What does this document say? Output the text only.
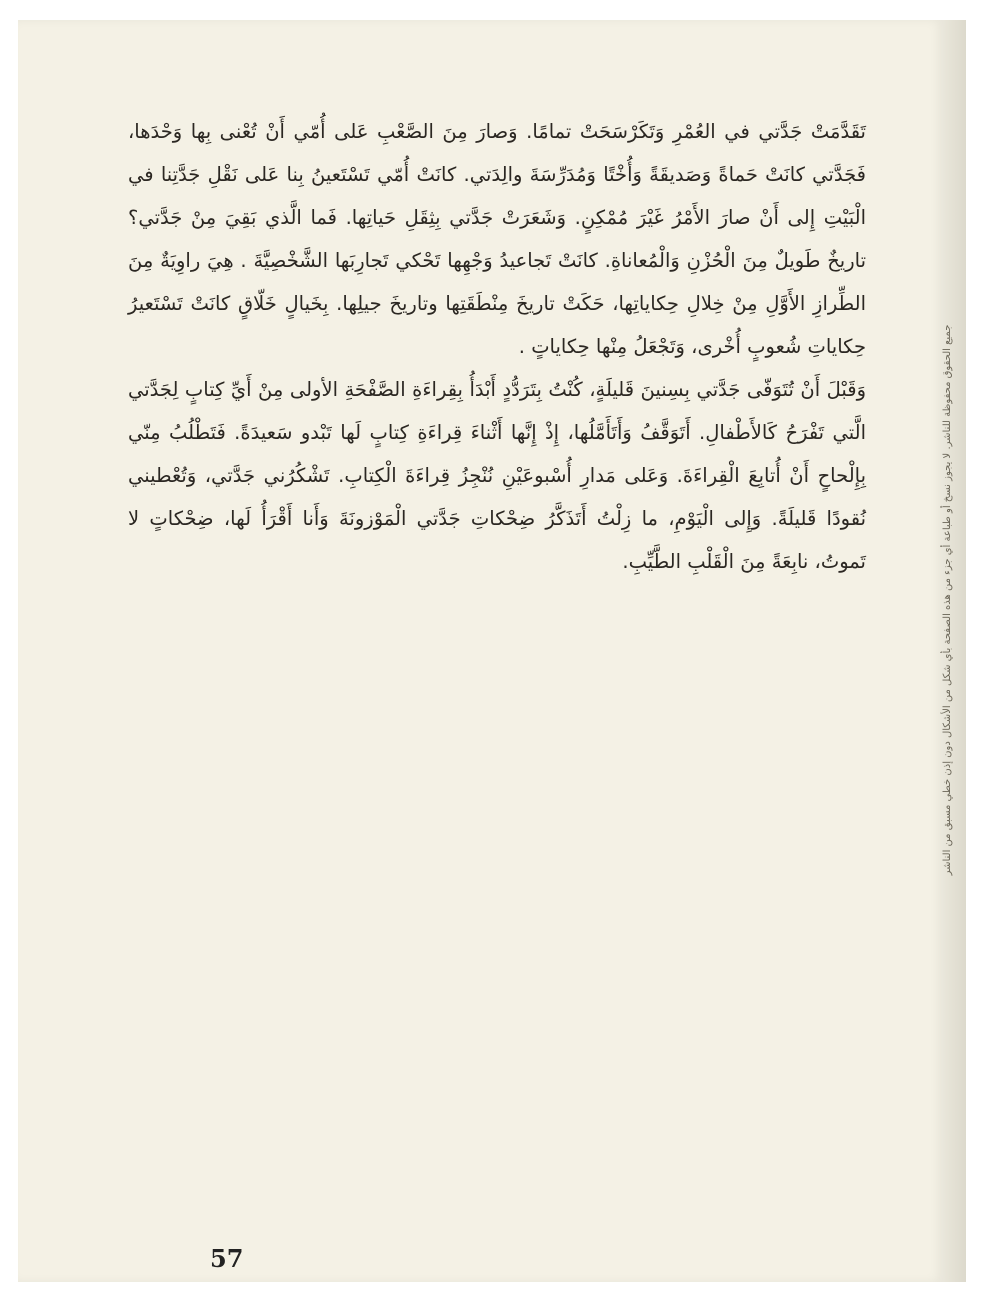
جميع الحقوق محفوظة للناشر. لا يجوز نسخ أو طباعة أي جزء من هذه الصفحة بأي شكل من الأشكال دون إذن خطي مسبق من الناشر

تَقَدَّمَتْ جَدَّتي في العُمْرِ وَتَكَرْسَحَتْ تمامًا. وَصارَ مِنَ الصَّعْبِ عَلى أُمّي أَنْ تُعْنى بِها وَحْدَها، فَجَدَّتي كانَتْ حَماةً وَصَديقَةً وَأُخْتًا وَمُدَرِّسَةَ والِدَتي. كانَتْ أُمّي تَسْتَعينُ بِنا عَلى نَقْلِ جَدَّتِنا في الْبَيْتِ إِلى أَنْ صارَ الأَمْرُ غَيْرَ مُمْكِنٍ. وَشَعَرَتْ جَدَّتي بِثِقَلِ حَياتِها. فَما الَّذي بَقِيَ مِنْ جَدَّتي؟ تاريخٌ طَويلٌ مِنَ الْحُزْنِ وَالْمُعاناةِ. كانَتْ تَجاعيدُ وَجْهِها تَحْكي تَجارِبَها الشَّخْصِيَّةَ . هِيَ راوِيَةٌ مِنَ الطِّرازِ الأَوَّلِ مِنْ خِلالِ حِكاياتِها، حَكَتْ تاريخَ مِنْطَقَتِها وتاريخَ جيلِها. بِخَيالٍ خَلّاقٍ كانَتْ تَسْتَعيرُ حِكاياتِ شُعوبٍ أُخْرى، وَتَجْعَلُ مِنْها حِكاياتٍ .

وَقَبْلَ أَنْ تُتَوَفّى جَدَّتي بِسِنينَ قَليلَةٍ، كُنْتُ بِتَرَدُّدٍ أَبْدَأُ بِقِراءَةِ الصَّفْحَةِ الأولى مِنْ أَيِّ كِتابٍ لِجَدَّتي الَّتي تَفْرَحُ كَالأَطْفالِ. أَتَوَقَّفُ وَأَتَأَمَّلُها، إِذْ إِنَّها أَثْناءَ قِراءَةِ كِتابٍ لَها تَبْدو سَعيدَةً. فَتَطْلُبُ مِنّي بِإِلْحاحٍ أَنْ أُتابِعَ الْقِراءَةَ. وَعَلى مَدارِ أُسْبوعَيْنِ نُنْجِزُ قِراءَةَ الْكِتابِ. تَشْكُرُني جَدَّتي، وَتُعْطيني نُقودًا قَليلَةً. وَإِلى الْيَوْمِ، ما زِلْتُ أَتَذَكَّرُ ضِحْكاتِ جَدَّتي الْمَوْزونَةَ وَأَنا أَقْرَأُ لَها، ضِحْكاتٍ لا تَموتُ، نابِعَةً مِنَ الْقَلْبِ الطَّيِّبِ.

57
